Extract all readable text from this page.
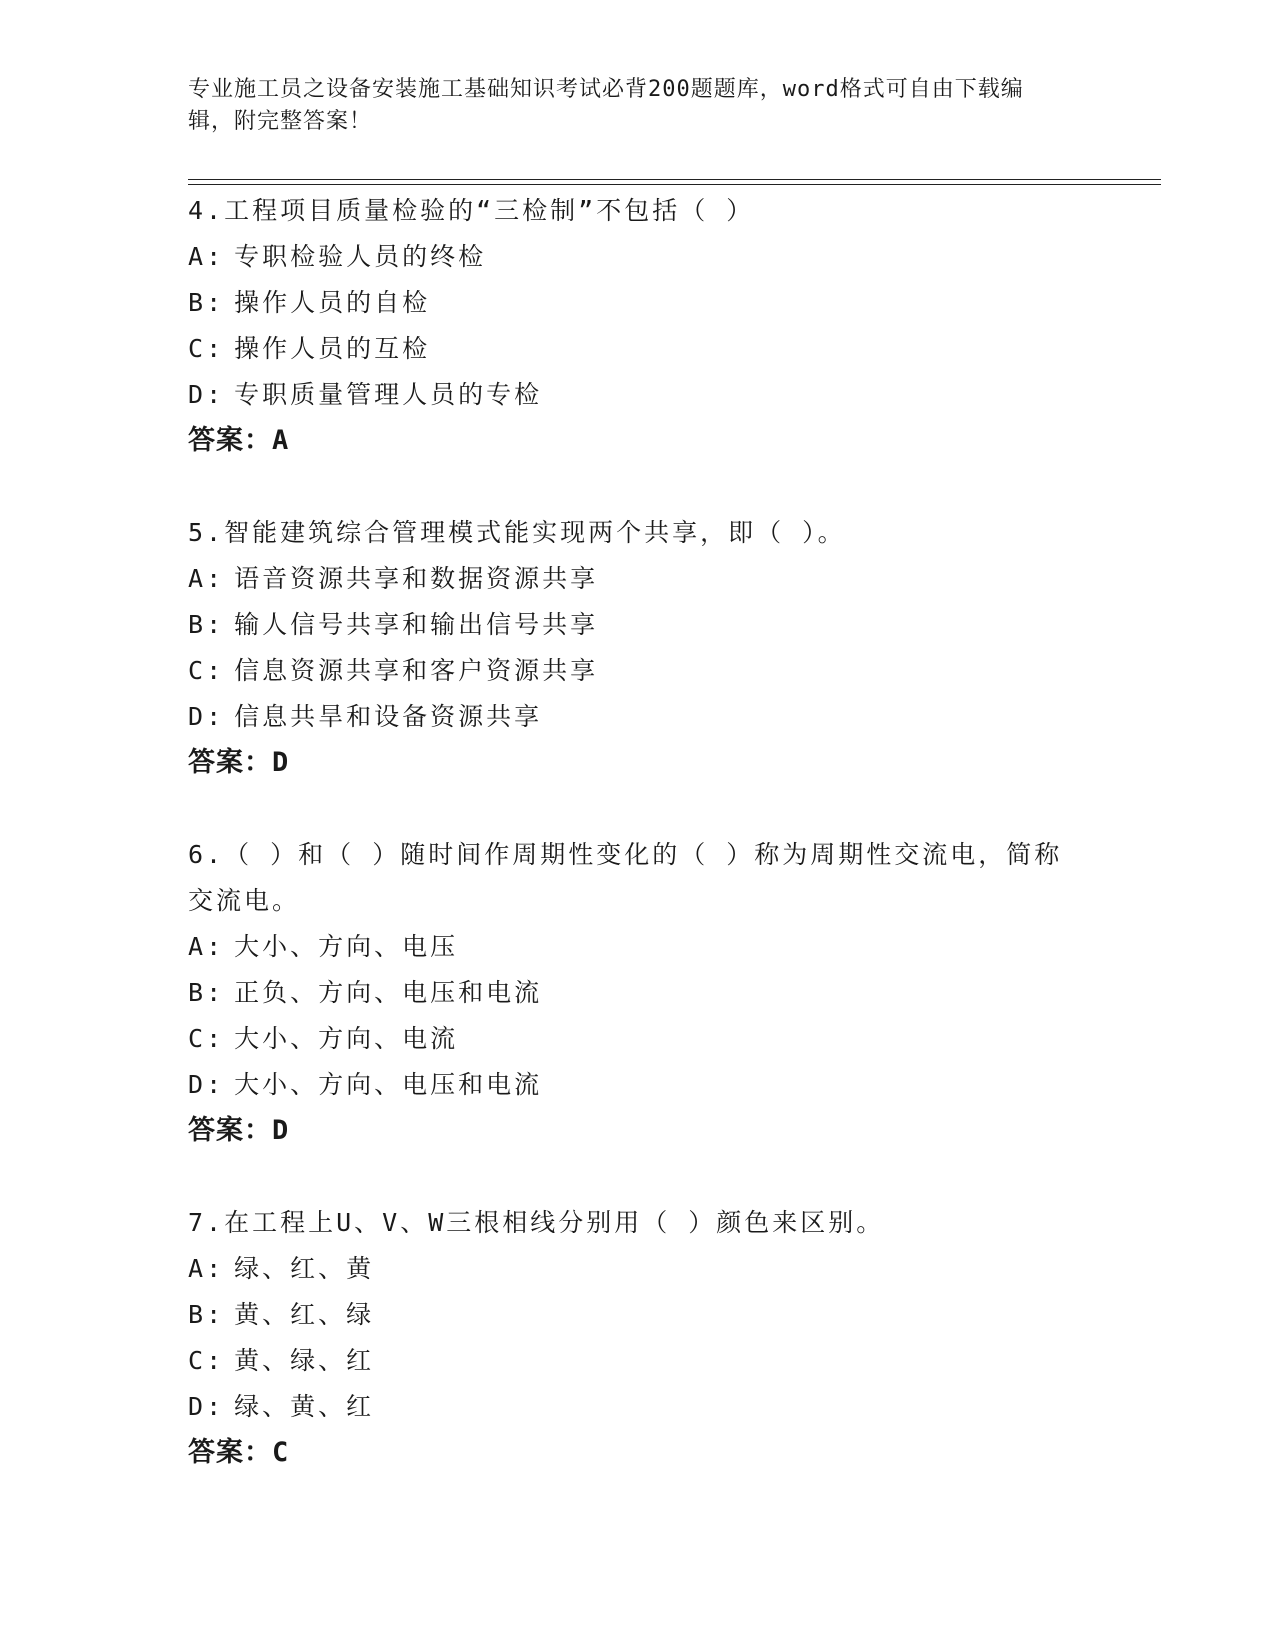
专业施工员之设备安装施工基础知识考试必背200题题库，word格式可自由下载编辑，附完整答案！

4.工程项目质量检验的“三检制”不包括（ ）

A: 专职检验人员的终检

B: 操作人员的自检

C: 操作人员的互检

D: 专职质量管理人员的专检

答案：A

5.智能建筑综合管理模式能实现两个共享，即（ ）。

A: 语音资源共享和数据资源共享

B: 输人信号共享和输出信号共享

C: 信息资源共享和客户资源共享

D: 信息共旱和设备资源共享

答案：D

6.（ ）和（ ）随时间作周期性变化的（ ）称为周期性交流电，简称交流电。

A: 大小、方向、电压

B: 正负、方向、电压和电流

C: 大小、方向、电流

D: 大小、方向、电压和电流

答案：D

7.在工程上U、V、W三根相线分别用（ ）颜色来区别。

A: 绿、红、黄

B: 黄、红、绿

C: 黄、绿、红

D: 绿、黄、红

答案：C
